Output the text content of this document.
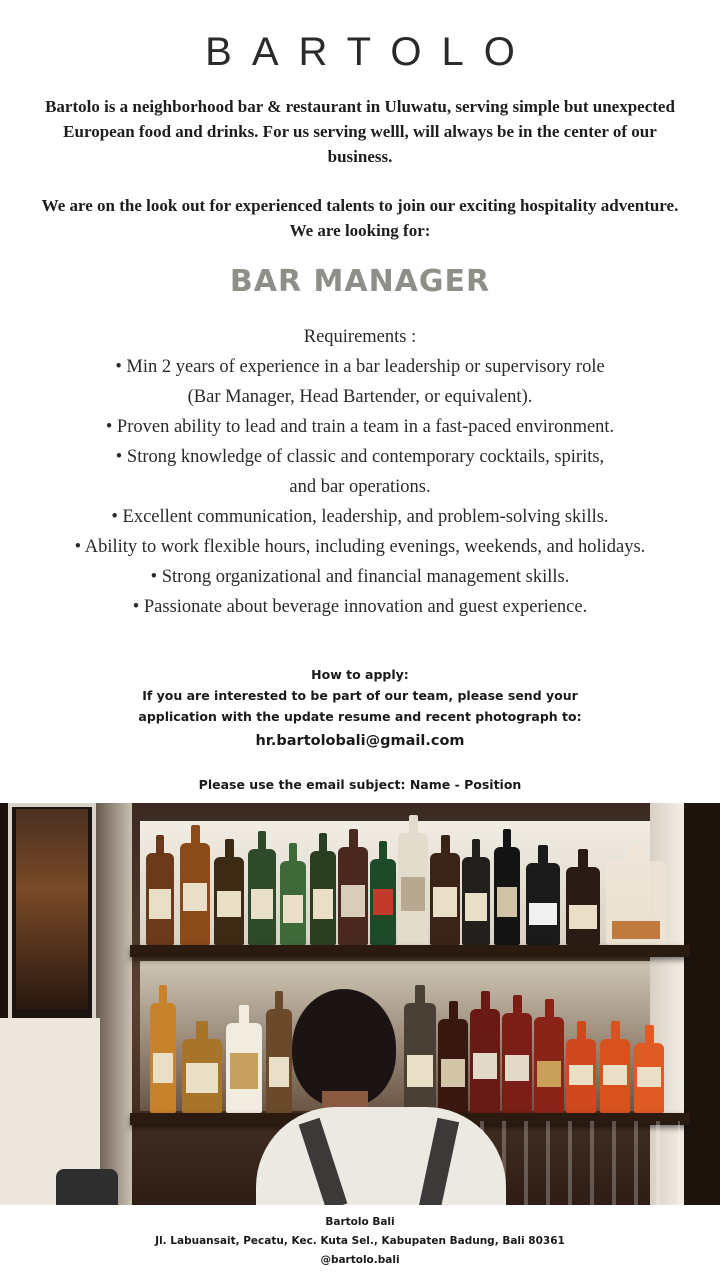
BARTOLO

Bartolo is a neighborhood bar & restaurant in Uluwatu, serving simple but unexpected European food and drinks. For us serving welll, will always be in the center of our business.

We are on the look out for experienced talents to join our exciting hospitality adventure. We are looking for:

BAR MANAGER
Requirements :
• Min 2 years of experience in a bar leadership or supervisory role
(Bar Manager, Head Bartender, or equivalent).
• Proven ability to lead and train a team in a fast-paced environment.
• Strong knowledge of classic and contemporary cocktails, spirits,
and bar operations.
• Excellent communication, leadership, and problem-solving skills.
• Ability to work flexible hours, including evenings, weekends, and holidays.
• Strong organizational and financial management skills.
• Passionate about beverage innovation and guest experience.
How to apply:
If you are interested to be part of our team, please send your
application with the update resume and recent photograph to:
hr.bartolobali@gmail.com
Please use the email subject: Name - Position
Bartolo Bali
Jl. Labuansait, Pecatu, Kec. Kuta Sel., Kabupaten Badung, Bali 80361
@bartolo.bali
